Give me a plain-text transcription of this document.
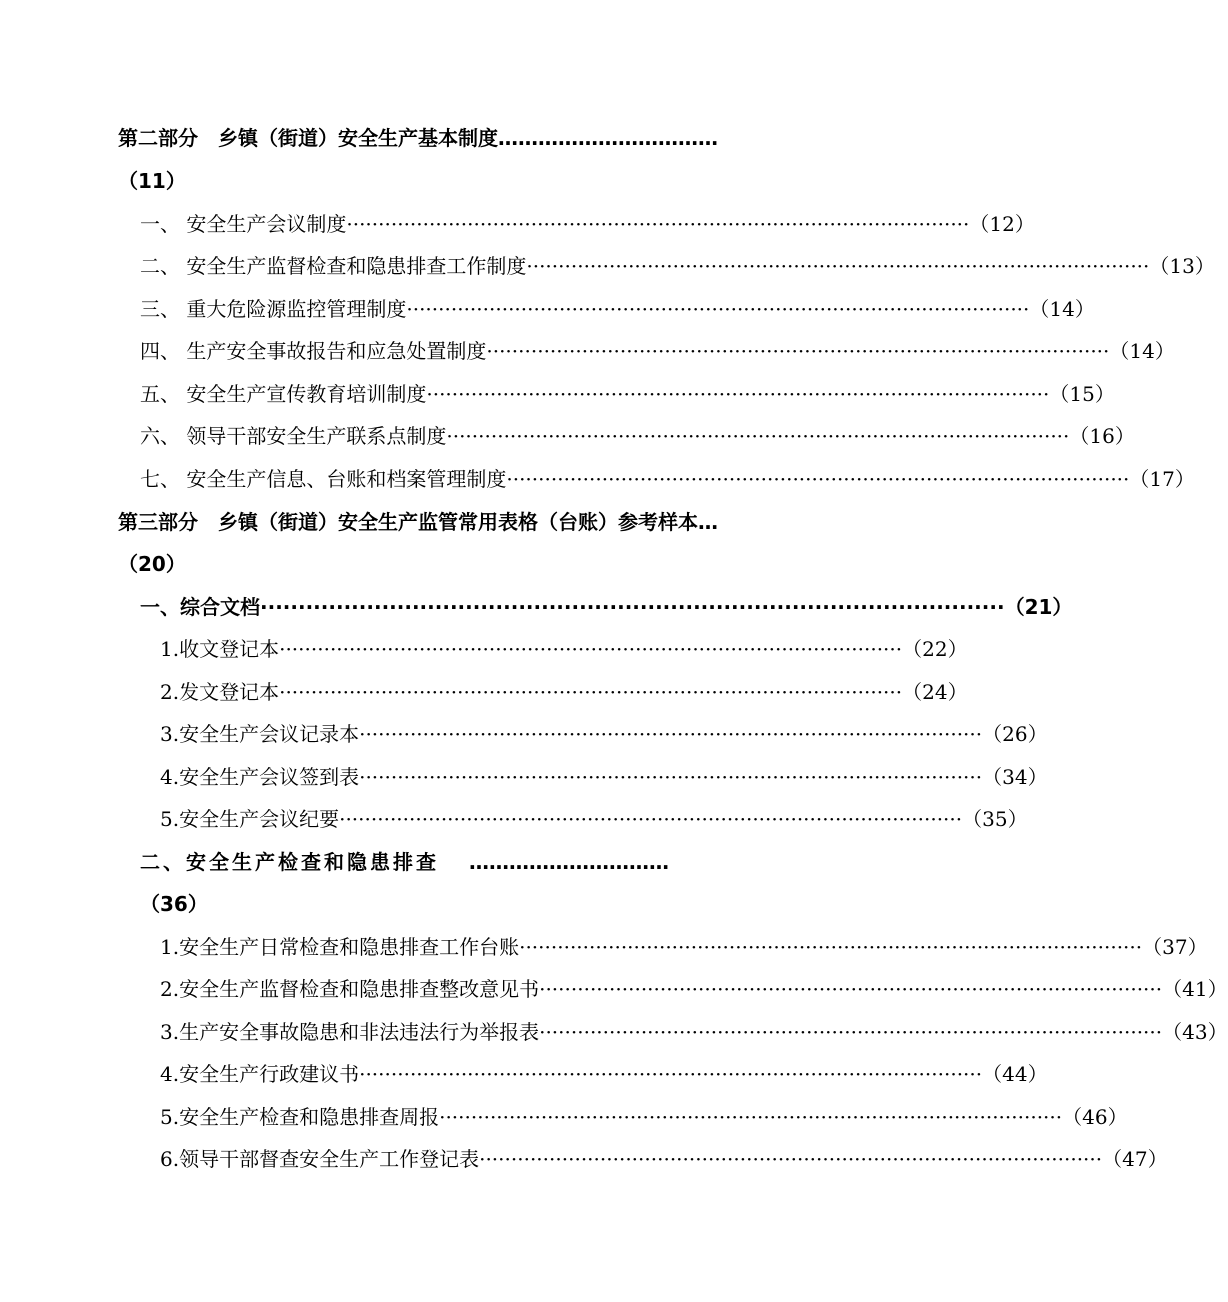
第二部分　乡镇（街道）安全生产基本制度……………………………
（11）
一、 安全生产会议制度 ·································································································· （12）
二、 安全生产监督检查和隐患排查工作制度 ·································································································· （13）
三、 重大危险源监控管理制度 ·································································································· （14）
四、 生产安全事故报告和应急处置制度 ·································································································· （14）
五、 安全生产宣传教育培训制度 ·································································································· （15）
六、 领导干部安全生产联系点制度 ·································································································· （16）
七、 安全生产信息、台账和档案管理制度 ·································································································· （17）
第三部分　乡镇（街道）安全生产监管常用表格（台账）参考样本…
（20）
一、综合文档 ·································································································· （21）
1.收文登记本 ·································································································· （22）
2.发文登记本 ·································································································· （24）
3.安全生产会议记录本 ·································································································· （26）
4.安全生产会议签到表 ·································································································· （34）
5.安全生产会议纪要 ·································································································· （35）
二、安全生产检查和隐患排查 …………………………
（36）
1.安全生产日常检查和隐患排查工作台账 ·································································································· （37）
2.安全生产监督检查和隐患排查整改意见书 ·································································································· （41）
3.生产安全事故隐患和非法违法行为举报表 ·································································································· （43）
4.安全生产行政建议书 ·································································································· （44）
5.安全生产检查和隐患排查周报 ·································································································· （46）
6.领导干部督查安全生产工作登记表 ·································································································· （47）
